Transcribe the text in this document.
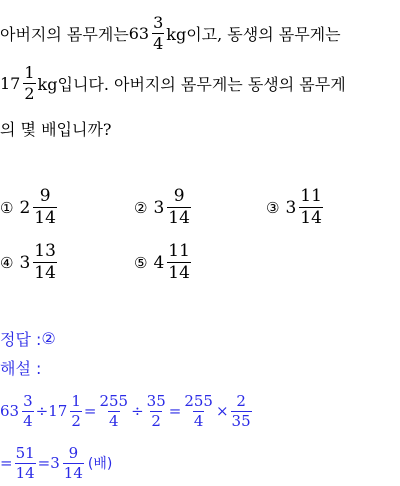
아버지의 몸무게는 $63 \frac{3}{4}$ kg이고, 동생의 몸무게는
$17 \frac{1}{2}$ kg입니다. 아버지의 몸무게는 동생의 몸무게
의 몇 배입니까?
① $2 \frac{9}{14}$	② $3 \frac{9}{14}$	③ $3 \frac{11}{14}$
④ $3 \frac{13}{14}$	⑤ $4 \frac{11}{14}$
정답 : ②
해설 :
$63 \frac{3}{4} \div 17 \frac{1}{2} = \frac{255}{4} \div \frac{35}{2} = \frac{255}{4} \times \frac{2}{35}$
= $\frac{51}{14} = 3 \frac{9}{14}$ (배)
